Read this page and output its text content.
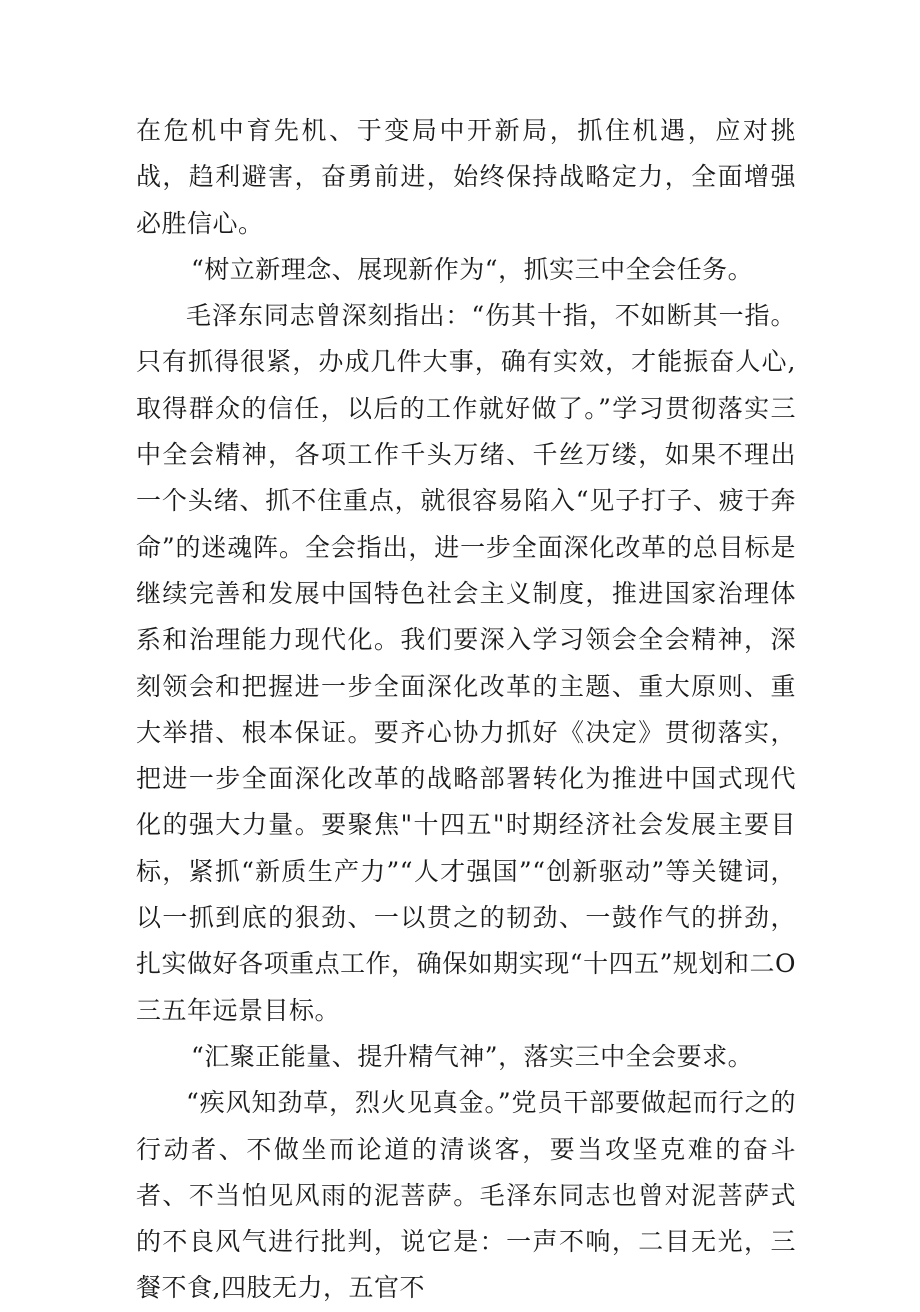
在危机中育先机、于变局中开新局，抓住机遇，应对挑战，趋利避害，奋勇前进，始终保持战略定力，全面增强必胜信心。

“树立新理念、展现新作为“，抓实三中全会任务。

毛泽东同志曾深刻指出：“伤其十指，不如断其一指。只有抓得很紧，办成几件大事，确有实效，才能振奋人心,取得群众的信任，以后的工作就好做了。”学习贯彻落实三中全会精神，各项工作千头万绪、千丝万缕，如果不理出一个头绪、抓不住重点，就很容易陷入“见子打子、疲于奔命”的迷魂阵。全会指出，进一步全面深化改革的总目标是继续完善和发展中国特色社会主义制度，推进国家治理体系和治理能力现代化。我们要深入学习领会全会精神，深刻领会和把握进一步全面深化改革的主题、重大原则、重大举措、根本保证。要齐心协力抓好《决定》贯彻落实，把进一步全面深化改革的战略部署转化为推进中国式现代化的强大力量。要聚焦"十四五"时期经济社会发展主要目标，紧抓“新质生产力”“人才强国”“创新驱动”等关键词，以一抓到底的狠劲、一以贯之的韧劲、一鼓作气的拼劲，扎实做好各项重点工作，确保如期实现“十四五”规划和二O三五年远景目标。

“汇聚正能量、提升精气神”，落实三中全会要求。

“疾风知劲草，烈火见真金。”党员干部要做起而行之的行动者、不做坐而论道的清谈客，要当攻坚克难的奋斗者、不当怕见风雨的泥菩萨。毛泽东同志也曾对泥菩萨式的不良风气进行批判，说它是：一声不响，二目无光，三餐不食,四肢无力，五官不
